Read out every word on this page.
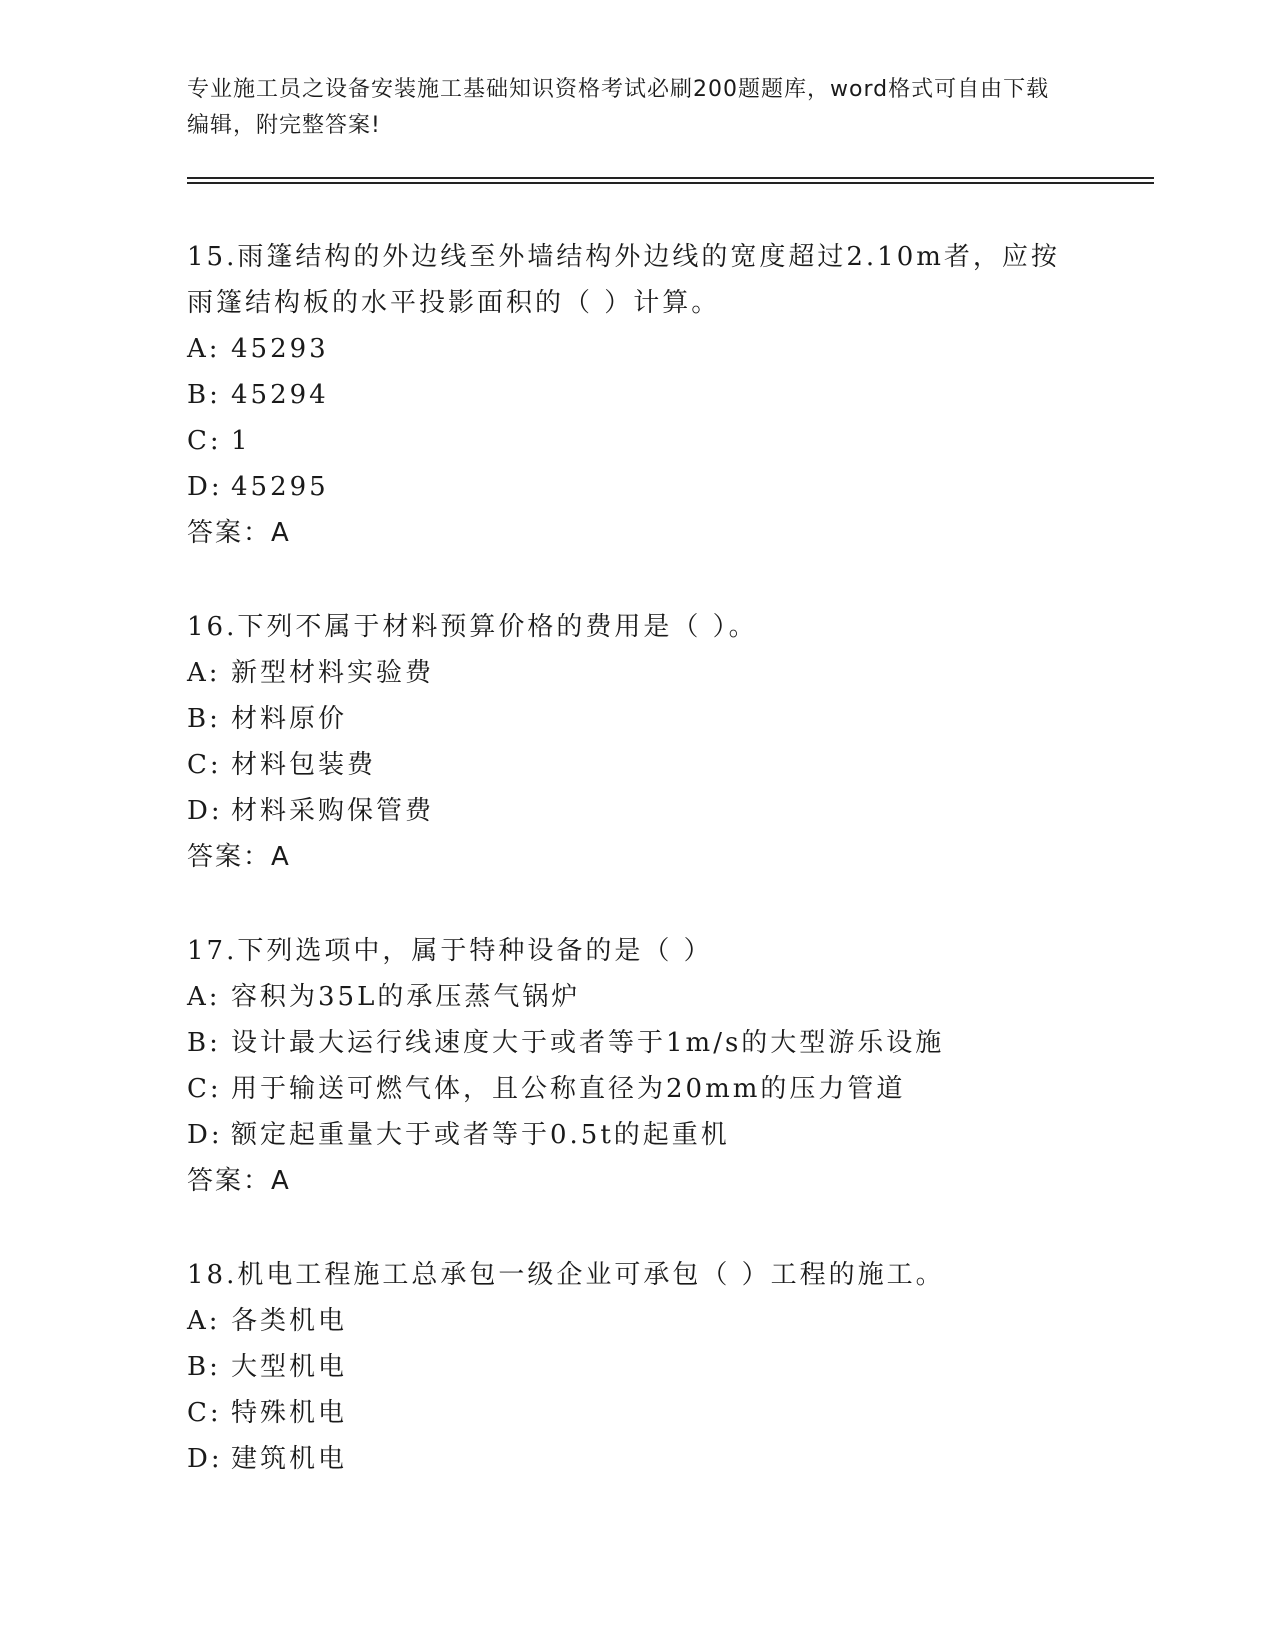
专业施工员之设备安装施工基础知识资格考试必刷200题题库，word格式可自由下载编辑，附完整答案!

15.雨篷结构的外边线至外墙结构外边线的宽度超过2.10m者，应按雨篷结构板的水平投影面积的（ ）计算。

A: 45293

B: 45294

C: 1

D: 45295

答案：A

16.下列不属于材料预算价格的费用是（ ）。

A: 新型材料实验费

B: 材料原价

C: 材料包装费

D: 材料采购保管费

答案：A

17.下列选项中，属于特种设备的是（ ）

A: 容积为35L的承压蒸气锅炉

B: 设计最大运行线速度大于或者等于1m/s的大型游乐设施

C: 用于输送可燃气体，且公称直径为20mm的压力管道

D: 额定起重量大于或者等于0.5t的起重机

答案：A

18.机电工程施工总承包一级企业可承包（ ）工程的施工。

A: 各类机电

B: 大型机电

C: 特殊机电

D: 建筑机电
